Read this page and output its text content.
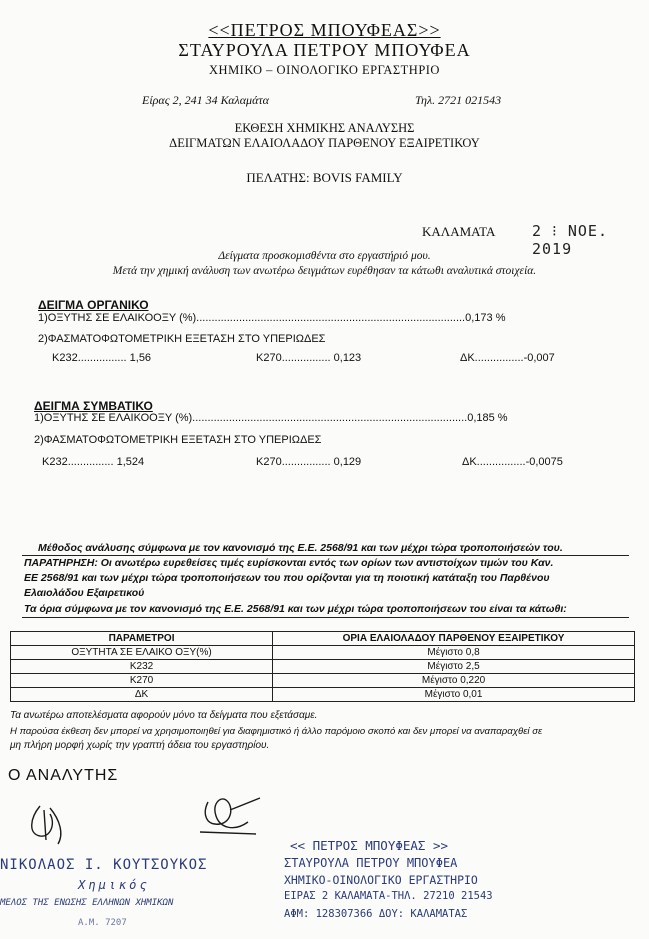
<<ΠΕΤΡΟΣ ΜΠΟΥΦΕΑΣ>>
ΣΤΑΥΡΟΥΛΑ ΠΕΤΡΟΥ ΜΠΟΥΦΕΑ
ΧΗΜΙΚΟ – ΟΙΝΟΛΟΓΙΚΟ ΕΡΓΑΣΤΗΡΙΟ
Είρας 2, 241 34 Καλαμάτα	Τηλ. 2721 021543
ΕΚΘΕΣΗ ΧΗΜΙΚΗΣ ΑΝΑΛΥΣΗΣ
ΔΕΙΓΜΑΤΩΝ ΕΛΑΙΟΛΑΔΟΥ ΠΑΡΘΕΝΟΥ ΕΞΑΙΡΕΤΙΚΟΥ
ΠΕΛΑΤΗΣ: BOVIS FAMILY
ΚΑΛΑΜΑΤΑ 2 ⁝ ΝΟΕ. 2019
Δείγματα προσκομισθέντα στο εργαστήριό μου.
Μετά την χημική ανάλυση των ανωτέρω δειγμάτων ευρέθησαν τα κάτωθι αναλυτικά στοιχεία.
ΔΕΙΓΜΑ ΟΡΓΑΝΙΚΟ
1)ΟΞΥΤΗΣ ΣΕ ΕΛΑΙΚΟΟΞΥ (%)........................................................................................0,173 %
2)ΦΑΣΜΑΤΟΦΩΤΟΜΕΤΡΙΚΗ ΕΞΕΤΑΣΗ ΣΤΟ ΥΠΕΡΙΩΔΕΣ
K232................ 1,56	K270................ 0,123	ΔΚ................-0,007
ΔΕΙΓΜΑ ΣΥΜΒΑΤΙΚΟ
1)ΟΞΥΤΗΣ ΣΕ ΕΛΑΙΚΟΟΞΥ (%)..........................................................................................0,185 %
2)ΦΑΣΜΑΤΟΦΩΤΟΜΕΤΡΙΚΗ ΕΞΕΤΑΣΗ ΣΤΟ ΥΠΕΡΙΩΔΕΣ
K232............... 1,524	K270................ 0,129	ΔΚ................-0,0075
Μέθοδος ανάλυσης σύμφωνα με τον κανονισμό της Ε.Ε. 2568/91 και των μέχρι τώρα τροποποιήσεών του.
ΠΑΡΑΤΗΡΗΣΗ: Οι ανωτέρω ευρεθείσες τιμές ευρίσκονται εντός των ορίων των αντιστοίχων τιμών του Καν.
ΕΕ 2568/91 και των μέχρι τώρα τροποποιήσεων του που ορίζονται για τη ποιοτική κατάταξη του Παρθένου
Ελαιολάδου Εξαιρετικού
Τα όρια σύμφωνα με τον κανονισμό της Ε.Ε. 2568/91 και των μέχρι τώρα τροποποιήσεων του είναι τα κάτωθι:
ΠΑΡΑΜΕΤΡΟΙ	ΟΡΙΑ ΕΛΑΙΟΛΑΔΟΥ ΠΑΡΘΕΝΟΥ ΕΞΑΙΡΕΤΙΚΟΥ
ΟΞΥΤΗΤΑ ΣΕ ΕΛΑΙΚΟ ΟΞΥ(%)	Μέγιστο 0,8
K232	Μέγιστο 2,5
K270	Μέγιστο 0,220
ΔΚ	Μέγιστο 0,01
Τα ανωτέρω αποτελέσματα αφορούν μόνο τα δείγματα που εξετάσαμε.
Η παρούσα έκθεση δεν μπορεί να χρησιμοποιηθεί για διαφημιστικό ή άλλο παρόμοιο σκοπό και δεν μπορεί να αναπαραχθεί σε
μη πλήρη μορφή χωρίς την γραπτή άδεια του εργαστηρίου.
Ο ΑΝΑΛΥΤΗΣ
ΝΙΚΟΛΑΟΣ Ι. ΚΟΥΤΣΟΥΚΟΣ
Χημικός
ΜΕΛΟΣ ΤΗΣ ΕΝΩΣΗΣ ΕΛΛΗΝΩΝ ΧΗΜΙΚΩΝ
Α.Μ. 7207
<< ΠΕΤΡΟΣ ΜΠΟΥΦΕΑΣ >>
ΣΤΑΥΡΟΥΛΑ ΠΕΤΡΟΥ ΜΠΟΥΦΕΑ
ΧΗΜΙΚΟ-ΟΙΝΟΛΟΓΙΚΟ ΕΡΓΑΣΤΗΡΙΟ
ΕΙΡΑΣ 2 ΚΑΛΑΜΑΤΑ-ΤΗΛ. 27210 21543
ΑΦΜ: 128307366 ΔΟΥ: ΚΑΛΑΜΑΤΑΣ
